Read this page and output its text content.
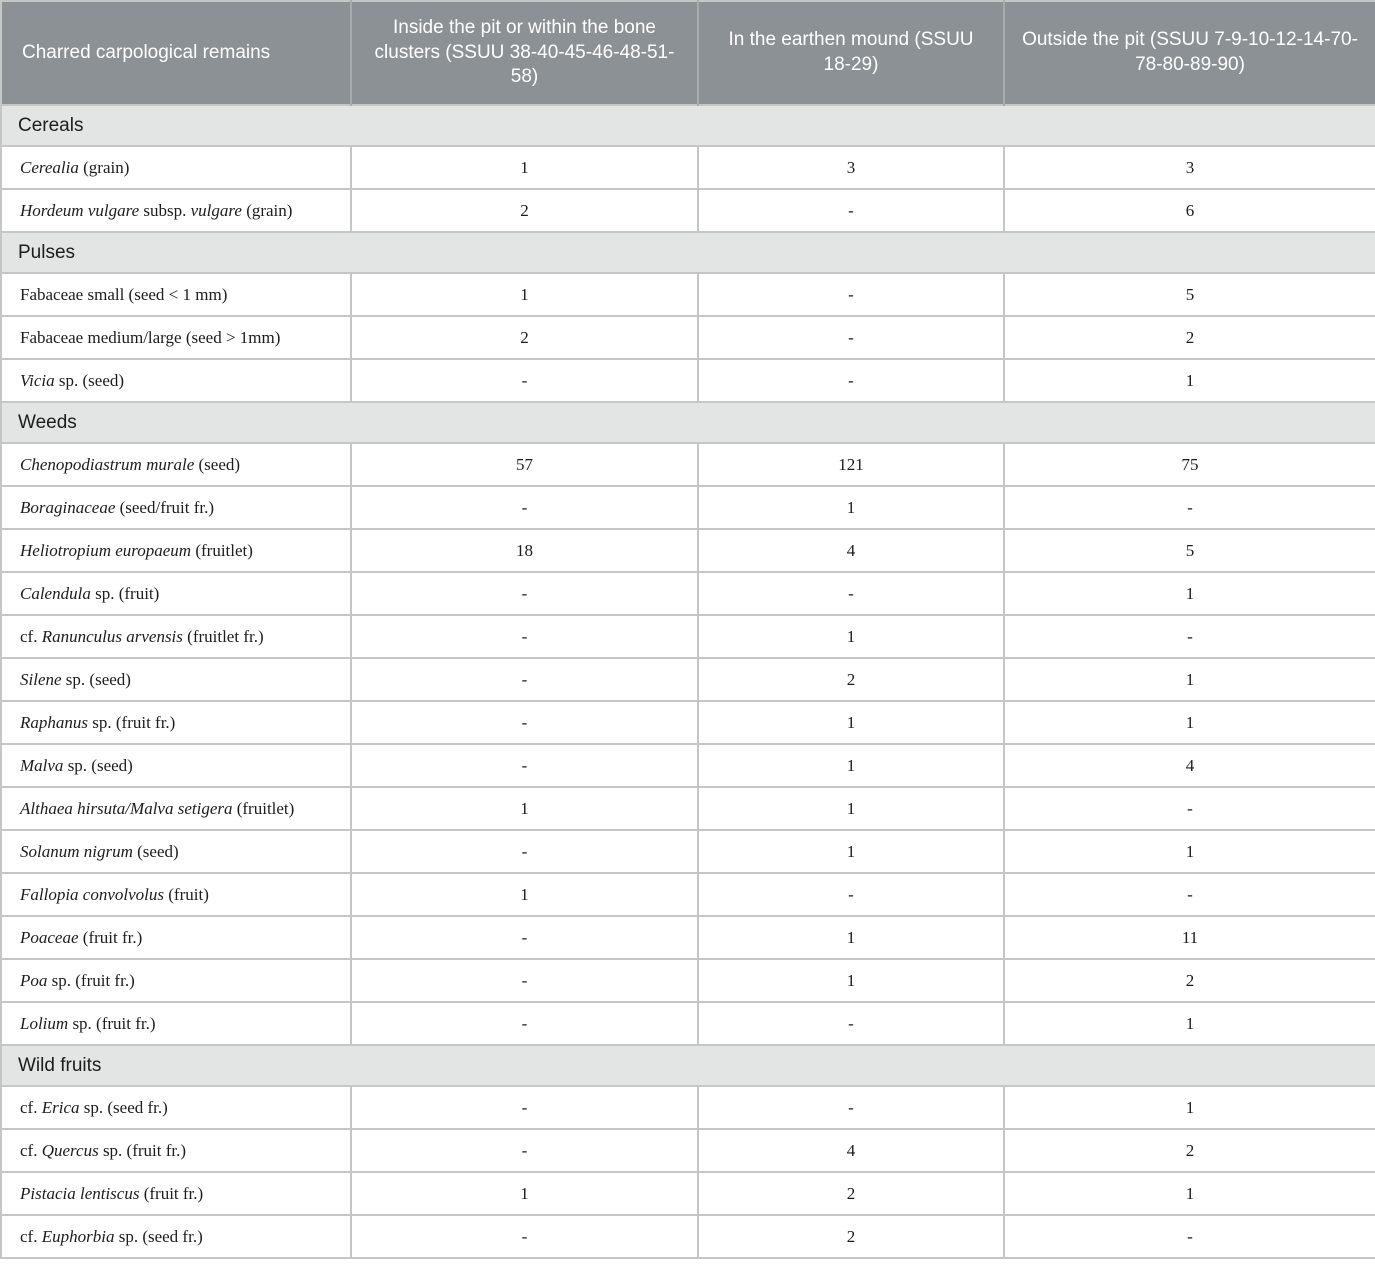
Charred carpological remains	Inside the pit or within the bone clusters (SSUU 38-40-45-46-48-51-58)	In the earthen mound (SSUU 18-29)	Outside the pit (SSUU 7-9-10-12-14-70-78-80-89-90)
Cereals			
Cerealia (grain)	1	3	3
Hordeum vulgare subsp. vulgare (grain)	2	-	6
Pulses			
Fabaceae small (seed < 1 mm)	1	-	5
Fabaceae medium/large (seed > 1mm)	2	-	2
Vicia sp. (seed)	-	-	1
Weeds			
Chenopodiastrum murale (seed)	57	121	75
Boraginaceae (seed/fruit fr.)	-	1	-
Heliotropium europaeum (fruitlet)	18	4	5
Calendula sp. (fruit)	-	-	1
cf. Ranunculus arvensis (fruitlet fr.)	-	1	-
Silene sp. (seed)	-	2	1
Raphanus sp. (fruit fr.)	-	1	1
Malva sp. (seed)	-	1	4
Althaea hirsuta/Malva setigera (fruitlet)	1	1	-
Solanum nigrum (seed)	-	1	1
Fallopia convolvolus (fruit)	1	-	-
Poaceae (fruit fr.)	-	1	11
Poa sp. (fruit fr.)	-	1	2
Lolium sp. (fruit fr.)	-	-	1
Wild fruits			
cf. Erica sp. (seed fr.)	-	-	1
cf. Quercus sp. (fruit fr.)	-	4	2
Pistacia lentiscus (fruit fr.)	1	2	1
cf. Euphorbia sp. (seed fr.)	-	2	-
